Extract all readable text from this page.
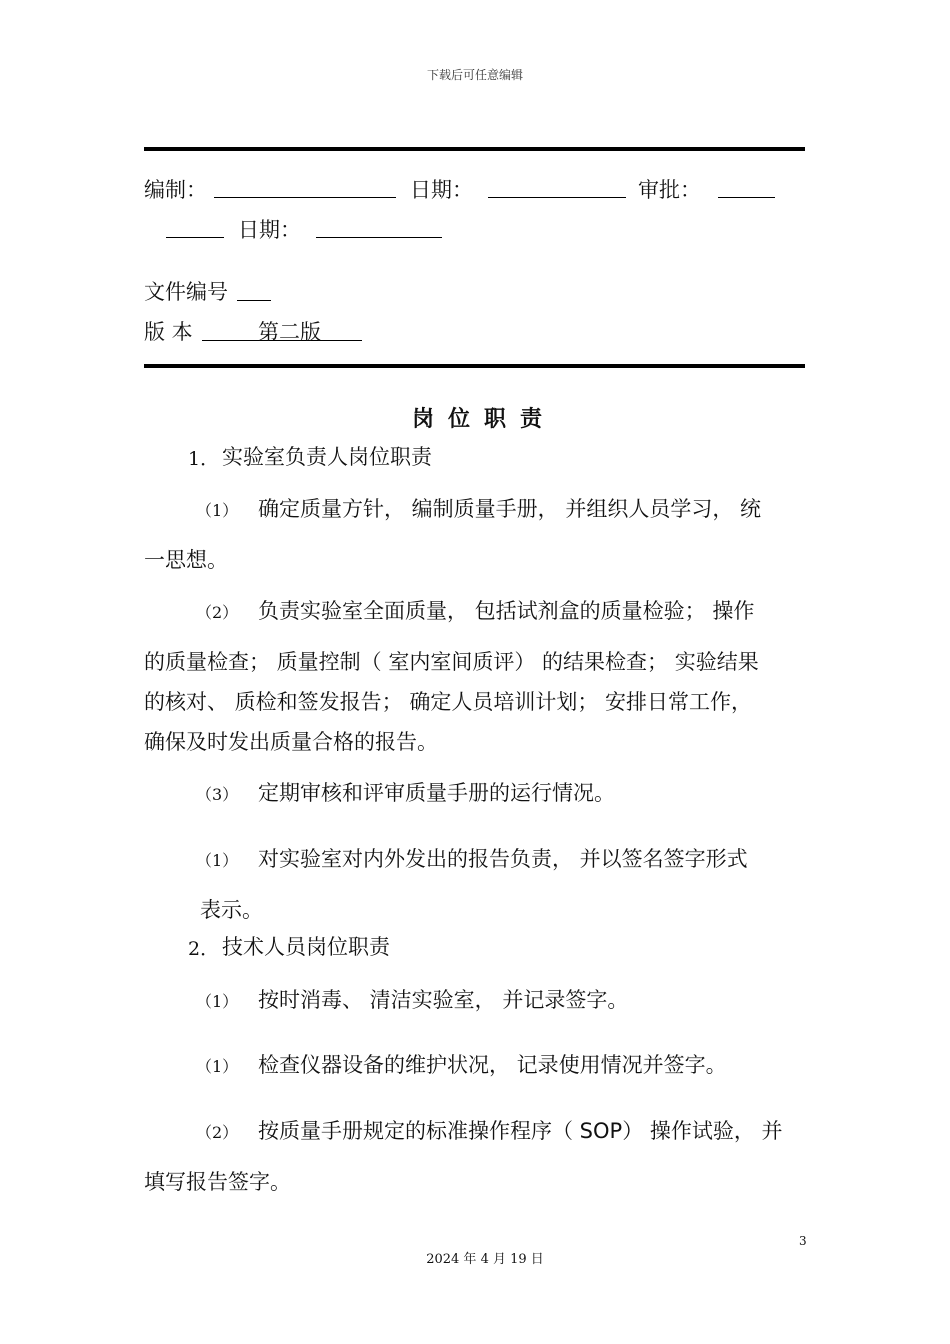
下载后可任意编辑
编制：	日期：	审批：
日期：
文件编号
版 本	第二版
岗位职责
1． 实验室负责人岗位职责
（1） 确定质量方针， 编制质量手册， 并组织人员学习， 统
一思想。
（2） 负责实验室全面质量， 包括试剂盒的质量检验； 操作
的质量检查； 质量控制（ 室内室间质评） 的结果检查； 实验结果
的核对、 质检和签发报告； 确定人员培训计划； 安排日常工作，
确保及时发出质量合格的报告。
（3） 定期审核和评审质量手册的运行情况。
（1） 对实验室对内外发出的报告负责， 并以签名签字形式
表示。
2． 技术人员岗位职责
（1） 按时消毒、 清洁实验室， 并记录签字。
（1） 检查仪器设备的维护状况， 记录使用情况并签字。
（2） 按质量手册规定的标准操作程序（ SOP） 操作试验， 并
填写报告签字。
3
2024 年 4 月 19 日
